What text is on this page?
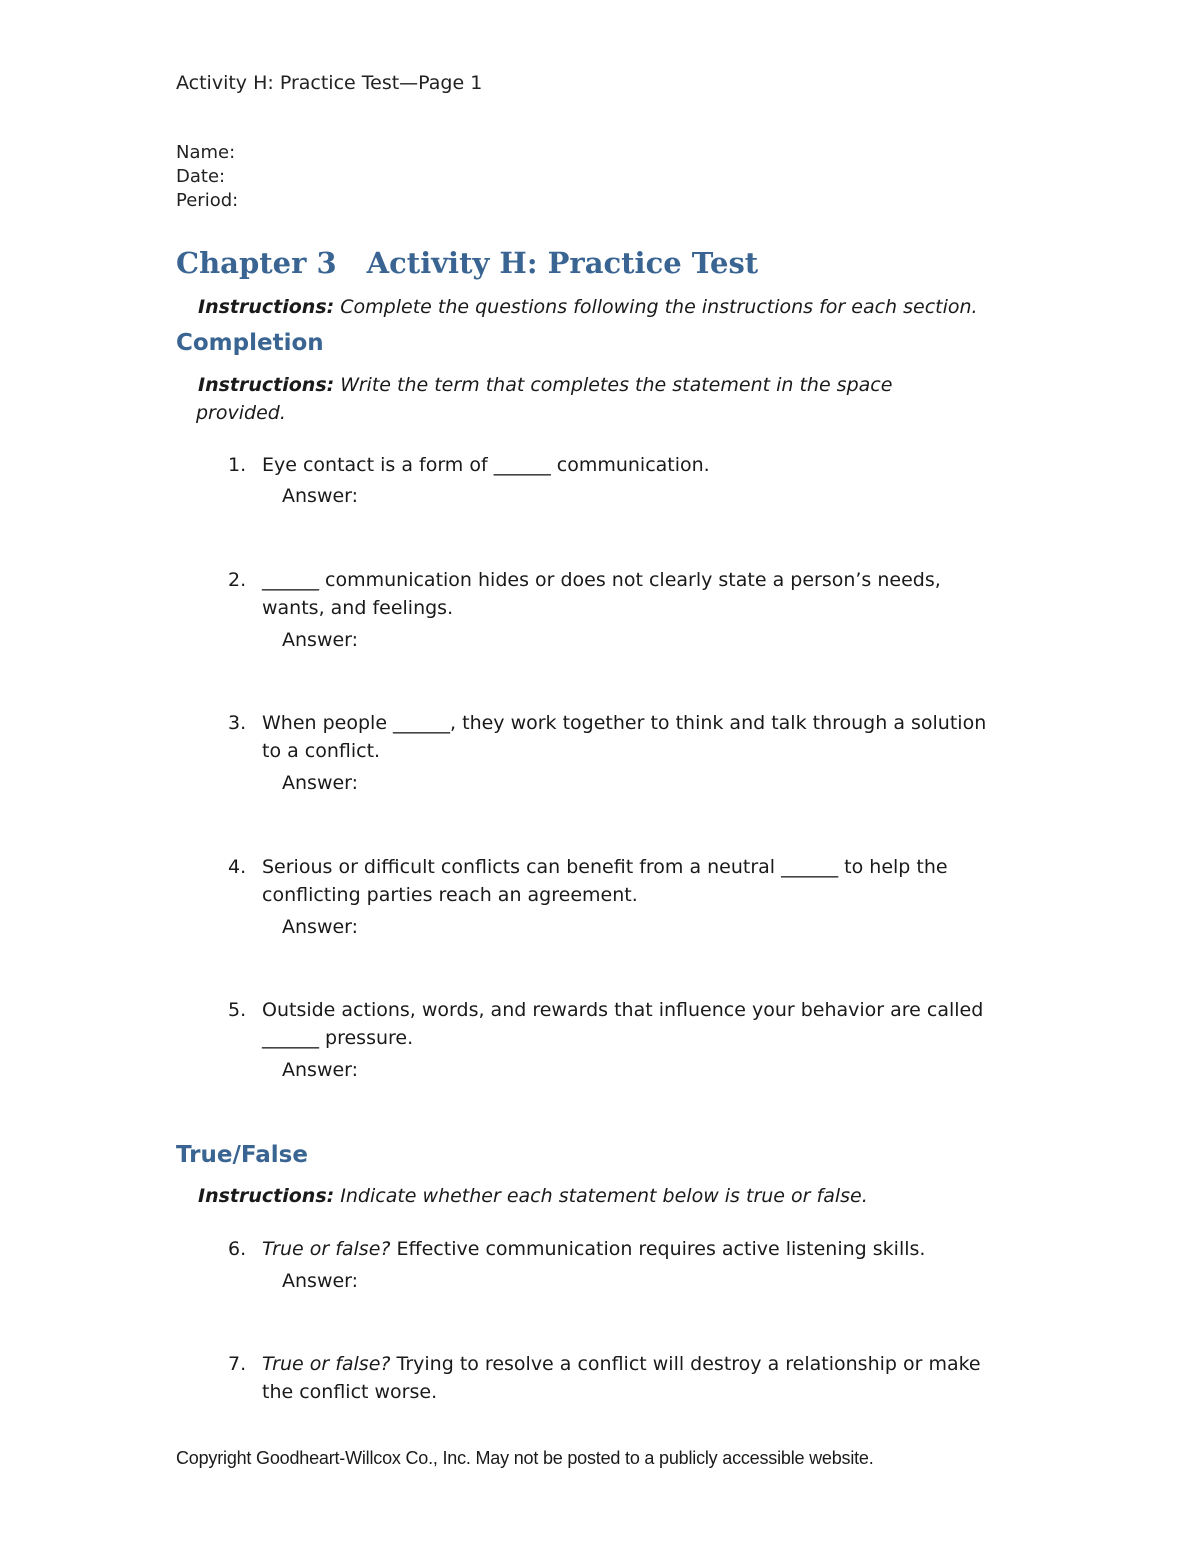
Activity H: Practice Test—Page 1
Name:
Date:
Period:
Chapter 3 Activity H: Practice Test
Instructions: Complete the questions following the instructions for each section.
Completion
Instructions: Write the term that completes the statement in the space
provided.
1. Eye contact is a form of ______ communication.
Answer:
2. ______ communication hides or does not clearly state a person’s needs, wants, and feelings.
Answer:
3. When people ______, they work together to think and talk through a solution to a conflict.
Answer:
4. Serious or difficult conflicts can benefit from a neutral ______ to help the conflicting parties reach an agreement.
Answer:
5. Outside actions, words, and rewards that influence your behavior are called ______ pressure.
Answer:
True/False
Instructions: Indicate whether each statement below is true or false.
6. True or false? Effective communication requires active listening skills.
Answer:
7. True or false? Trying to resolve a conflict will destroy a relationship or make the conflict worse.
Copyright Goodheart-Willcox Co., Inc. May not be posted to a publicly accessible website.
